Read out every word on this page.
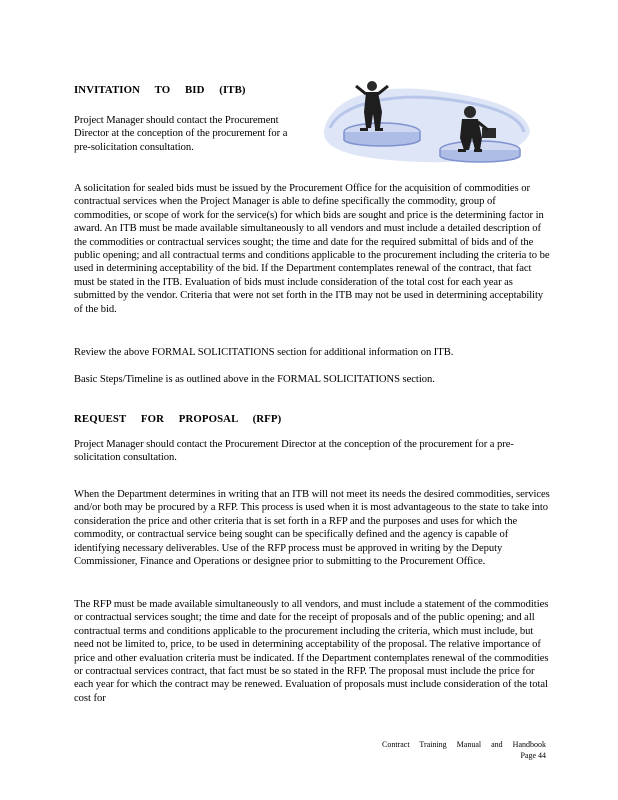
INVITATION TO BID (ITB)

Project Manager should contact the Procurement Director at the conception of the procurement for a pre-solicitation consultation.

A solicitation for sealed bids must be issued by the Procurement Office for the acquisition of commodities or contractual services when the Project Manager is able to define specifically the commodity, group of commodities, or scope of work for the service(s) for which bids are sought and price is the determining factor in award. An ITB must be made available simultaneously to all vendors and must include a detailed description of the commodities or contractual services sought; the time and date for the required submittal of bids and of the public opening; and all contractual terms and conditions applicable to the procurement including the criteria to be used in determining acceptability of the bid. If the Department contemplates renewal of the contract, that fact must be stated in the ITB. Evaluation of bids must include consideration of the total cost for each year as submitted by the vendor. Criteria that were not set forth in the ITB may not be used in determining acceptability of the bid.

Review the above FORMAL SOLICITATIONS section for additional information on ITB.

Basic Steps/Timeline is as outlined above in the FORMAL SOLICITATIONS section.

REQUEST FOR PROPOSAL (RFP)

Project Manager should contact the Procurement Director at the conception of the procurement for a pre-solicitation consultation.

When the Department determines in writing that an ITB will not meet its needs the desired commodities, services and/or both may be procured by a RFP. This process is used when it is most advantageous to the state to take into consideration the price and other criteria that is set forth in a RFP and the purposes and uses for which the commodity, or contractual service being sought can be specifically defined and the agency is capable of identifying necessary deliverables. Use of the RFP process must be approved in writing by the Deputy Commissioner, Finance and Operations or designee prior to submitting to the Procurement Office.

The RFP must be made available simultaneously to all vendors, and must include a statement of the commodities or contractual services sought; the time and date for the receipt of proposals and of the public opening; and all contractual terms and conditions applicable to the procurement including the criteria, which must include, but need not be limited to, price, to be used in determining acceptability of the proposal. The relative importance of price and other evaluation criteria must be indicated. If the Department contemplates renewal of the commodities or contractual services contract, that fact must be so stated in the RFP. The proposal must include the price for each year for which the contract may be renewed. Evaluation of proposals must include consideration of the total cost for

Contract Training Manual and Handbook
Page 44
